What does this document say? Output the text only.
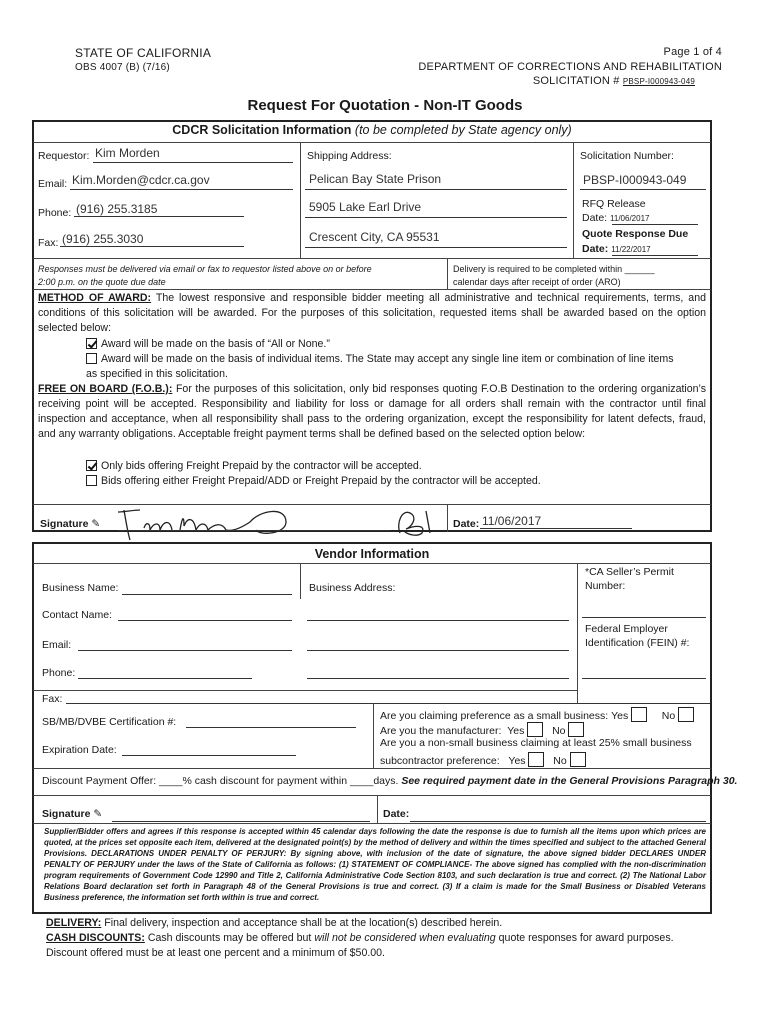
STATE OF CALIFORNIA
OBS 4007 (B) (7/16)
Page 1 of 4
DEPARTMENT OF CORRECTIONS AND REHABILITATION
SOLICITATION # PBSP-I000943-049
Request For Quotation - Non-IT Goods
CDCR Solicitation Information (to be completed by State agency only)
Requestor: Kim Morden
Email: Kim.Morden@cdcr.ca.gov
Phone: (916) 255.3185
Fax: (916) 255.3030
Shipping Address:
Pelican Bay State Prison
5905 Lake Earl Drive
Crescent City, CA 95531
Solicitation Number:
PBSP-I000943-049
RFQ Release
Date: 11/06/2017
Quote Response Due
Date: 11/22/2017
Responses must be delivered via email or fax to requestor listed above on or before
2:00 p.m. on the quote due date
Delivery is required to be completed within ______
calendar days after receipt of order (ARO)
METHOD OF AWARD: The lowest responsive and responsible bidder meeting all administrative and technical requirements, terms, and conditions of this solicitation will be awarded. For the purposes of this solicitation, requested items shall be awarded based on the option selected below:
Award will be made on the basis of “All or None.”
Award will be made on the basis of individual items. The State may accept any single line item or combination of line items
as specified in this solicitation.
FREE ON BOARD (F.O.B.): For the purposes of this solicitation, only bid responses quoting F.O.B Destination to the ordering organization’s receiving point will be accepted. Responsibility and liability for loss or damage for all orders shall remain with the contractor until final inspection and acceptance, when all responsibility shall pass to the ordering organization, except the responsibility for latent defects, fraud, and any warranty obligations. Acceptable freight payment terms shall be defined based on the selected option below:
Only bids offering Freight Prepaid by the contractor will be accepted.
Bids offering either Freight Prepaid/ADD or Freight Prepaid by the contractor will be accepted.
Signature ✎	Date: 11/06/2017
Vendor Information
Business Name:	Business Address:
*CA Seller’s Permit
Number:
Contact Name:
Email:
Federal Employer
Identification (FEIN) #:
Phone:
Fax:
SB/MB/DVBE Certification #:
Expiration Date:
Are you claiming preference as a small business: Yes	No
Are you the manufacturer: Yes	No
Are you a non-small business claiming at least 25% small business
subcontractor preference: Yes	No
Discount Payment Offer: ____% cash discount for payment within ____days. See required payment date in the General Provisions Paragraph 30.
Signature ✎	Date:
Supplier/Bidder offers and agrees if this response is accepted within 45 calendar days following the date the response is due to furnish all the items upon which prices are quoted, at the prices set opposite each item, delivered at the designated point(s) by the method of delivery and within the times specified and subject to the attached General Provisions. DECLARATIONS UNDER PENALTY OF PERJURY: By signing above, with inclusion of the date of signature, the above signed bidder DECLARES UNDER PENALTY OF PERJURY under the laws of the State of California as follows: (1) STATEMENT OF COMPLIANCE- The above signed has complied with the non-discrimination program requirements of Government Code 12990 and Title 2, California Administrative Code Section 8103, and such declaration is true and correct. (2) The National Labor Relations Board declaration set forth in Paragraph 48 of the General Provisions is true and correct. (3) If a claim is made for the Small Business or Disabled Veterans Business preference, the information set forth within is true and correct.
DELIVERY: Final delivery, inspection and acceptance shall be at the location(s) described herein.
CASH DISCOUNTS: Cash discounts may be offered but will not be considered when evaluating quote responses for award purposes.
Discount offered must be at least one percent and a minimum of $50.00.
